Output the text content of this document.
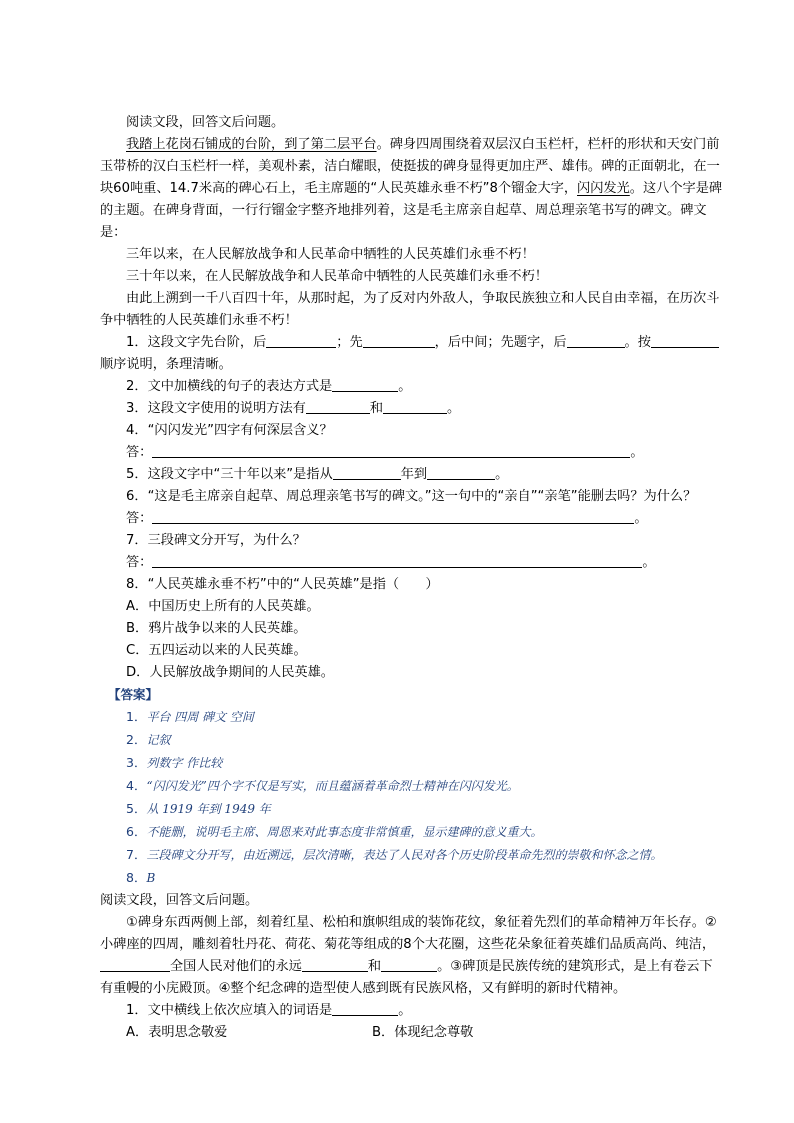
阅读文段，回答文后问题。

我踏上花岗石铺成的台阶，到了第二层平台。碑身四周围绕着双层汉白玉栏杆，栏杆的形状和天安门前玉带桥的汉白玉栏杆一样，美观朴素，洁白耀眼，使挺拔的碑身显得更加庄严、雄伟。碑的正面朝北，在一块60吨重、14.7米高的碑心石上，毛主席题的“人民英雄永垂不朽”8个镏金大字，闪闪发光。这八个字是碑的主题。在碑身背面，一行行镏金字整齐地排列着，这是毛主席亲自起草、周总理亲笔书写的碑文。碑文是：

三年以来，在人民解放战争和人民革命中牺牲的人民英雄们永垂不朽！

三十年以来，在人民解放战争和人民革命中牺牲的人民英雄们永垂不朽！

由此上溯到一千八百四十年，从那时起，为了反对内外敌人，争取民族独立和人民自由幸福，在历次斗争中牺牲的人民英雄们永垂不朽！

1．这段文字先台阶，后	；先	，后中间；先题字，后	。按顺序说明，条理清晰。

2．文中加横线的句子的表达方式是	。

3．这段文字使用的说明方法有	和	。

4．“闪闪发光”四字有何深层含义？

答：	。

5．这段文字中“三十年以来”是指从	年到	。

6．“这是毛主席亲自起草、周总理亲笔书写的碑文。”这一句中的“亲自”“亲笔”能删去吗？为什么？

答：	。

7．三段碑文分开写，为什么？

答：	。

8．“人民英雄永垂不朽”中的“人民英雄”是指（　　）

A．中国历史上所有的人民英雄。

B．鸦片战争以来的人民英雄。

C．五四运动以来的人民英雄。

D．人民解放战争期间的人民英雄。

【答案】

1．平台 四周 碑文 空间

2．记叙

3．列数字 作比较

4．“闪闪发光”四个字不仅是写实，而且蕴涵着革命烈士精神在闪闪发光。

5．从 1919 年到 1949 年

6．不能删，说明毛主席、周恩来对此事态度非常慎重，显示建碑的意义重大。

7．三段碑文分开写，由近溯远，层次清晰，表达了人民对各个历史阶段革命先烈的崇敬和怀念之情。

8．B

阅读文段，回答文后问题。

①碑身东西两侧上部，刻着红星、松柏和旗帜组成的装饰花纹，象征着先烈们的革命精神万年长存。②小碑座的四周，雕刻着牡丹花、荷花、菊花等组成的8个大花圈，这些花朵象征着英雄们品质高尚、纯洁，全国人民对他们的永远	和	。③碑顶是民族传统的建筑形式，是上有卷云下有重幔的小庑殿顶。④整个纪念碑的造型使人感到既有民族风格，又有鲜明的新时代精神。

1．文中横线上依次应填入的词语是	。

A．表明思念敬爱	B．体现纪念尊敬
